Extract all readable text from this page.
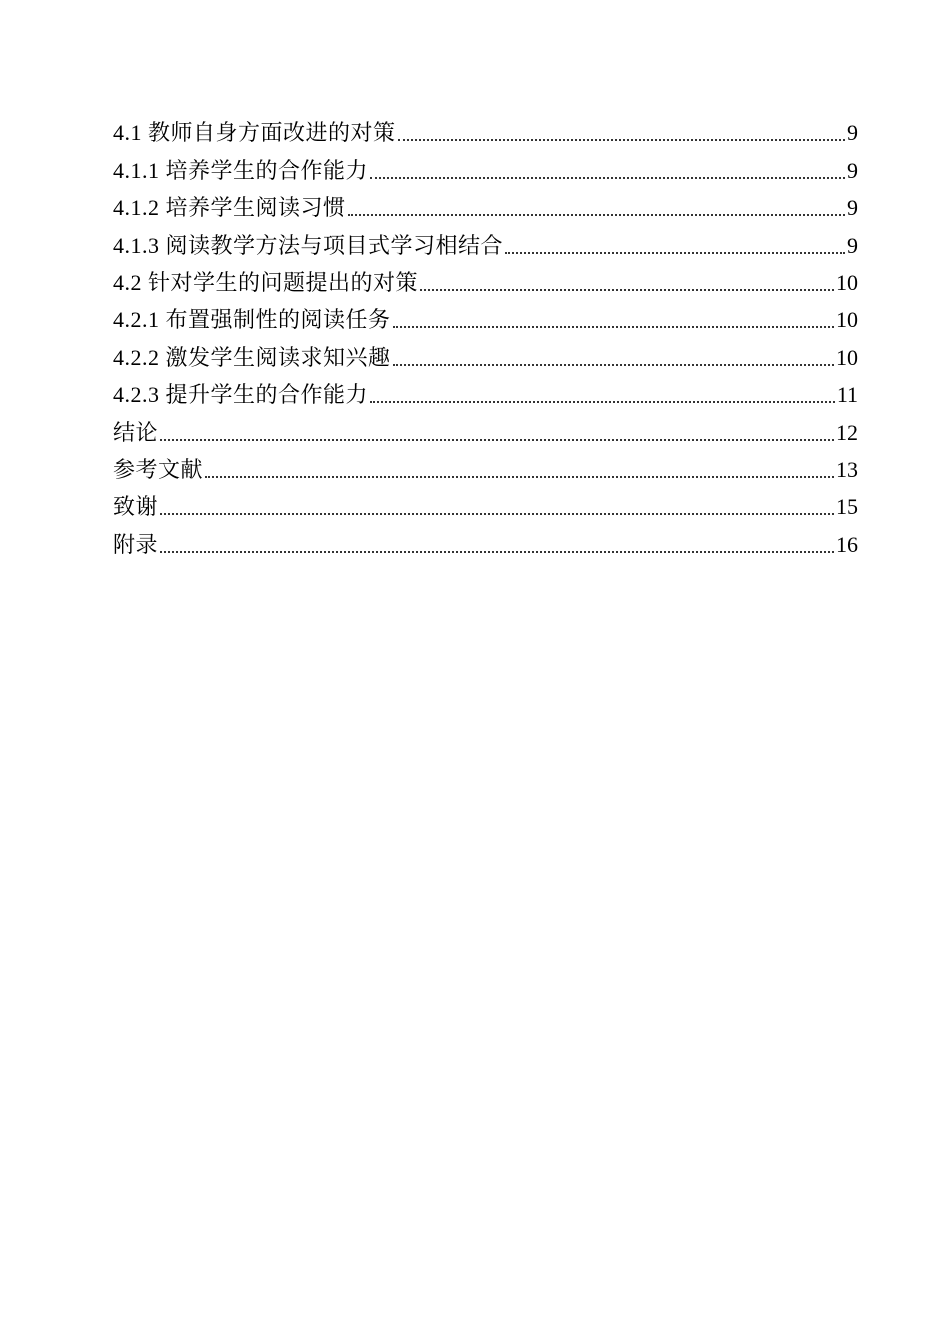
4.1 教师自身方面改进的对策	9
4.1.1 培养学生的合作能力	9
4.1.2 培养学生阅读习惯	9
4.1.3 阅读教学方法与项目式学习相结合	9
4.2 针对学生的问题提出的对策	10
4.2.1 布置强制性的阅读任务	10
4.2.2 激发学生阅读求知兴趣	10
4.2.3 提升学生的合作能力	11
结论	12
参考文献	13
致谢	15
附录	16
